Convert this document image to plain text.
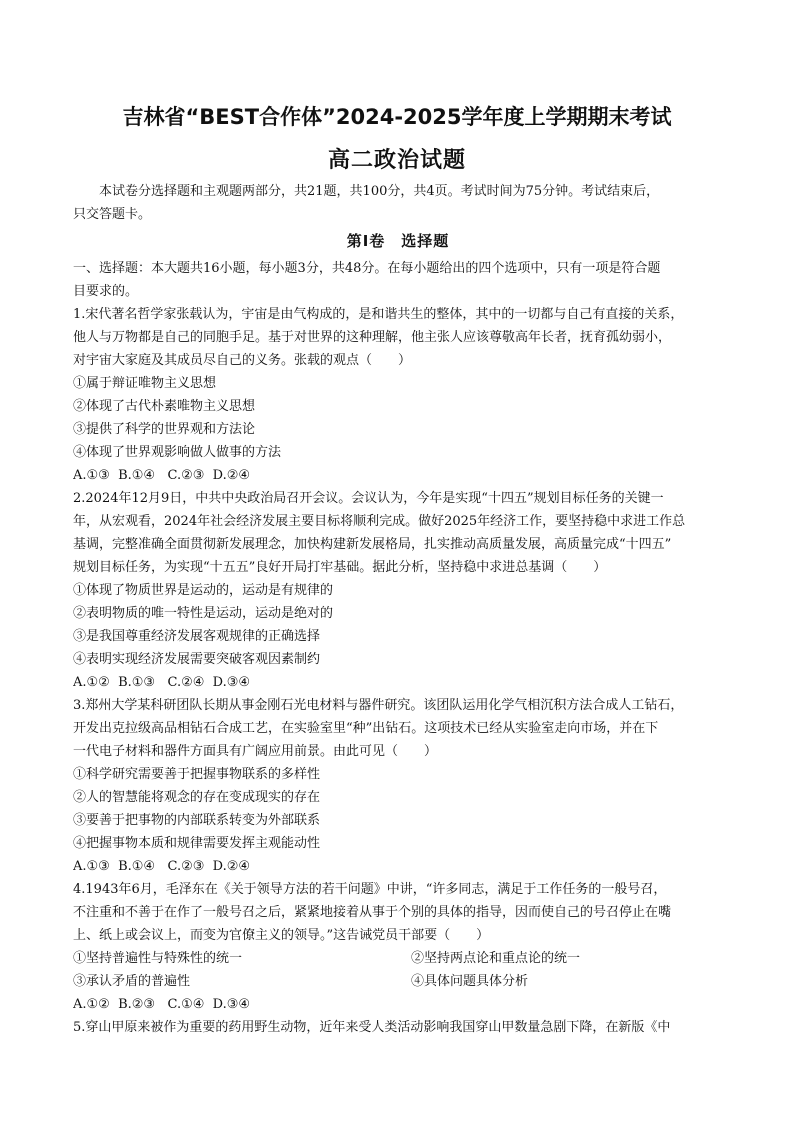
吉林省“BEST合作体”2024-2025学年度上学期期末考试
高二政治试题

本试卷分选择题和主观题两部分，共21题，共100分，共4页。考试时间为75分钟。考试结束后，

只交答题卡。

第Ⅰ卷　选择题

一、选择题：本大题共16小题，每小题3分，共48分。在每小题给出的四个选项中，只有一项是符合题

目要求的。

1.宋代著名哲学家张载认为，宇宙是由气构成的，是和谐共生的整体，其中的一切都与自己有直接的关系，

他人与万物都是自己的同胞手足。基于对世界的这种理解，他主张人应该尊敬高年长者，抚育孤幼弱小，

对宇宙大家庭及其成员尽自己的义务。张载的观点（　　）

①属于辩证唯物主义思想

②体现了古代朴素唯物主义思想

③提供了科学的世界观和方法论

④体现了世界观影响做人做事的方法

A.①③  B.①④   C.②③  D.②④

2.2024年12月9日，中共中央政治局召开会议。会议认为，今年是实现“十四五”规划目标任务的关键一

年，从宏观看，2024年社会经济发展主要目标将顺利完成。做好2025年经济工作，要坚持稳中求进工作总

基调，完整准确全面贯彻新发展理念，加快构建新发展格局，扎实推动高质量发展，高质量完成“十四五”

规划目标任务，为实现“十五五”良好开局打牢基础。据此分析，坚持稳中求进总基调（　　）

①体现了物质世界是运动的，运动是有规律的

②表明物质的唯一特性是运动，运动是绝对的

③是我国尊重经济发展客观规律的正确选择

④表明实现经济发展需要突破客观因素制约

A.①②  B.①③   C.②④  D.③④

3.郑州大学某科研团队长期从事金刚石光电材料与器件研究。该团队运用化学气相沉积方法合成人工钻石，

开发出克拉级高品相钻石合成工艺，在实验室里“种”出钻石。这项技术已经从实验室走向市场，并在下

一代电子材料和器件方面具有广阔应用前景。由此可见（　　）

①科学研究需要善于把握事物联系的多样性

②人的智慧能将观念的存在变成现实的存在

③要善于把事物的内部联系转变为外部联系

④把握事物本质和规律需要发挥主观能动性

A.①③  B.①④   C.②③  D.②④

4.1943年6月，毛泽东在《关于领导方法的若干问题》中讲，“许多同志，满足于工作任务的一般号召，

不注重和不善于在作了一般号召之后，紧紧地接着从事于个别的具体的指导，因而使自己的号召停止在嘴

上、纸上或会议上，而变为官僚主义的领导。”这告诫党员干部要（　　）

①坚持普遍性与特殊性的统一	②坚持两点论和重点论的统一

③承认矛盾的普遍性	④具体问题具体分析

A.①②  B.②③   C.①④  D.③④

5.穿山甲原来被作为重要的药用野生动物，近年来受人类活动影响我国穿山甲数量急剧下降，在新版《中
